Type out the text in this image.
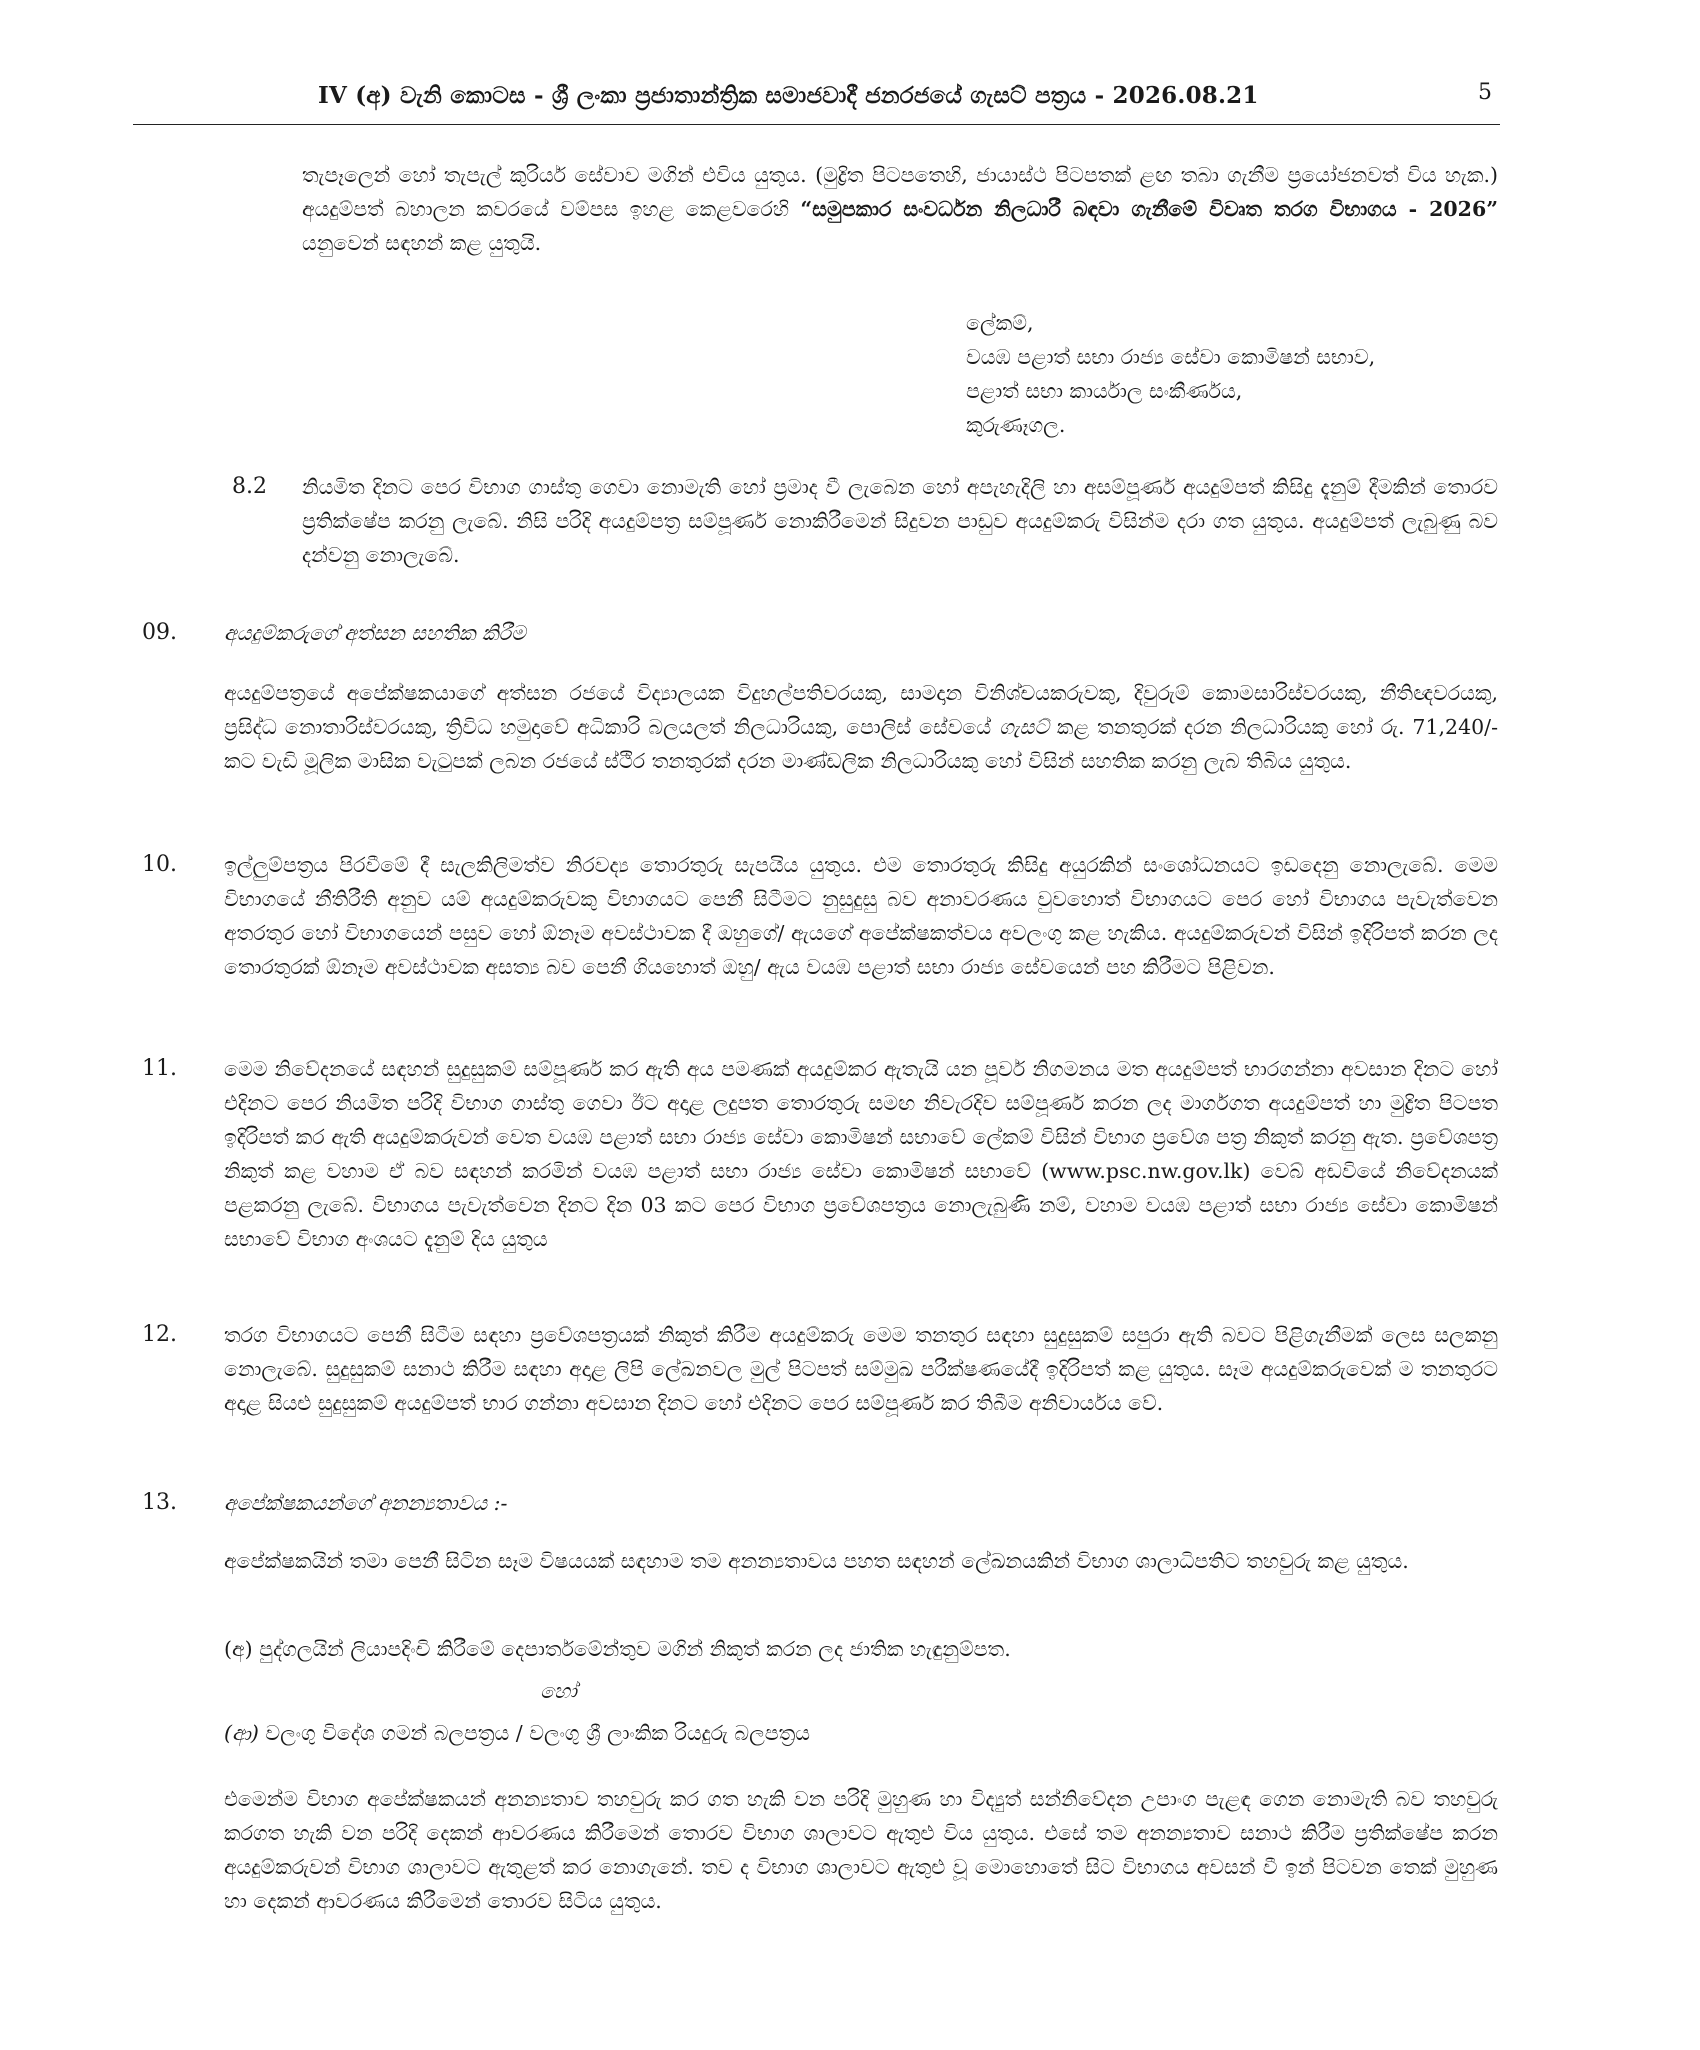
IV (අ) වැනි කොටස - ශ්‍රී ලංකා ප්‍රජාතාන්ත්‍රික සමාජවාදී ජනරජයේ ගැසට් පත්‍රය - 2026.08.21	5
තැපෑලෙන් හෝ තැපැල් කුරියර් සේවාව මගින් එවිය යුතුය. (මුද්‍රිත පිටපතෙහි, ජායාස්ථ පිටපතක් ළඟ තබා ගැනීම ප්‍රයෝජනවත් විය හැක.) අයදුම්පත් බහාලන කවරයේ වම්පස ඉහළ කෙළවරෙහි “සමුපකාර සංවර්ධන නිලධාරී බඳවා ගැනීමේ විවෘත තරග විභාගය - 2026” යනුවෙන් සඳහන් කළ යුතුයි.
ලේකම්,
වයඹ පළාත් සභා රාජ්‍ය සේවා කොමිෂන් සභාව,
පළාත් සභා කාර්යාල සංකීර්ණය,
කුරුණෑගල.
8.2 නියමිත දිනට පෙර විභාග ගාස්තු ගෙවා නොමැති හෝ ප්‍රමාද වී ලැබෙන හෝ අපැහැදිලි හා අසම්පූර්ණ අයදුම්පත් කිසිදු දැනුම් දීමකින් තොරව ප්‍රතික්ෂේප කරනු ලැබේ. නිසි පරිදි අයදුම්පත්‍ර සම්පූර්ණ නොකිරීමෙන් සිදුවන පාඩුව අයදුම්කරු විසින්ම දරා ගත යුතුය. අයදුම්පත් ලැබුණු බව දන්වනු නොලැබේ.
09. අයදුම්කරුගේ අත්සන සහතික කිරීම
අයදුම්පත්‍රයේ අපේක්ෂකයාගේ අත්සන රජයේ විද්‍යාලයක විදුහල්පතිවරයකු, සාමදාන විනිශ්චයකරුවකු, දිවුරුම් කොමසාරිස්වරයකු, නීතිඥවරයකු, ප්‍රසිද්ධ නොතාරිස්වරයකු, ත්‍රිවිධ හමුදාවේ අධිකාරි බලයලත් නිලධාරියකු, පොලිස් සේවයේ ගැසට් කළ තනතුරක් දරන නිලධාරියකු හෝ රු. 71,240/- කට වැඩි මූලික මාසික වැටුපක් ලබන රජයේ ස්ථිර තනතුරක් දරන මාණ්ඩලික නිලධාරියකු හෝ විසින් සහතික කරනු ලැබ තිබිය යුතුය.
10. ඉල්ලුම්පත්‍රය පිරවීමේ දී සැලකිලිමත්ව නිරවද්‍ය තොරතුරු සැපයිය යුතුය. එම තොරතුරු කිසිදු අයුරකින් සංශෝධනයට ඉඩදෙනු නොලැබේ. මෙම විභාගයේ නීතිරීති අනුව යම් අයදුම්කරුවකු විභාගයට පෙනී සිටීමට නුසුදුසු බව අනාවරණය වුවහොත් විභාගයට පෙර හෝ විභාගය පැවැත්වෙන අතරතුර හෝ විභාගයෙන් පසුව හෝ ඕනෑම අවස්ථාවක දී ඔහුගේ/ ඇයගේ අපේක්ෂකත්වය අවලංගු කළ හැකිය. අයදුම්කරුවන් විසින් ඉදිරිපත් කරන ලද තොරතුරක් ඕනෑම අවස්ථාවක අසත්‍ය බව පෙනී ගියහොත් ඔහු/ ඇය වයඹ පළාත් සභා රාජ්‍ය සේවයෙන් පහ කිරීමට පිළිවන.
11. මෙම නිවේදනයේ සඳහන් සුදුසුකම් සම්පූර්ණ කර ඇති අය පමණක් අයදුම්කර ඇතැයි යන පූර්ව නිගමනය මත අයදුම්පත් භාරගන්නා අවසාන දිනට හෝ එදිනට පෙර නියමිත පරිදි විභාග ගාස්තු ගෙවා ඊට අදාළ ලදුපත තොරතුරු සමඟ නිවැරදිව සම්පූර්ණ කරන ලද මාර්ගගත අයදුම්පත් හා මුද්‍රිත පිටපත ඉදිරිපත් කර ඇති අයදුම්කරුවන් වෙත වයඹ පළාත් සභා රාජ්‍ය සේවා කොමිෂන් සභාවේ ලේකම් විසින් විභාග ප්‍රවේශ පත්‍ර නිකුත් කරනු ඇත. ප්‍රවේශපත්‍ර නිකුත් කළ වහාම ඒ බව සඳහන් කරමින් වයඹ පළාත් සභා රාජ්‍ය සේවා කොමිෂන් සභාවේ (www.psc.nw.gov.lk) වෙබ් අඩවියේ නිවේදනයක් පළකරනු ලැබේ. විභාගය පැවැත්වෙන දිනට දින 03 කට පෙර විභාග ප්‍රවේශපත්‍රය නොලැබුණි නම්, වහාම වයඹ පළාත් සභා රාජ්‍ය සේවා කොමිෂන් සභාවේ විභාග අංශයට දැනුම් දිය යුතුය
12. තරග විභාගයට පෙනී සිටීම සඳහා ප්‍රවේශපත්‍රයක් නිකුත් කිරීම අයදුම්කරු මෙම තනතුර සඳහා සුදුසුකම් සපුරා ඇති බවට පිළිගැනීමක් ලෙස සලකනු නොලැබේ. සුදුසුකම් සනාථ කිරීම සඳහා අදාළ ලිපි ලේඛනවල මුල් පිටපත් සම්මුඛ පරීක්ෂණයේදී ඉදිරිපත් කළ යුතුය. සෑම අයදුම්කරුවෙක් ම තනතුරට අදාළ සියළු සුදුසුකම් අයදුම්පත් භාර ගන්නා අවසාන දිනට හෝ එදිනට පෙර සම්පූර්ණ කර තිබීම අනිවාර්යය වේ.
13. අපේක්ෂකයන්ගේ අනන්‍යතාවය :-
අපේක්ෂකයින් තමා පෙනී සිටින සෑම විෂයයක් සඳහාම තම අනන්‍යතාවය පහත සඳහන් ලේඛනයකින් විභාග ශාලාධිපතිට තහවුරු කළ යුතුය.
(අ) පුද්ගලයින් ලියාපදිංචි කිරීමේ දෙපාර්තමේන්තුව මගින් නිකුත් කරන ලද ජාතික හැඳුනුම්පත.
හෝ
(ආ) වලංගු විදේශ ගමන් බලපත්‍රය / වලංගු ශ්‍රී ලාංකික රියදුරු බලපත්‍රය
එමෙන්ම විභාග අපේක්ෂකයන් අනන්‍යතාව තහවුරු කර ගත හැකි වන පරිදි මුහුණ හා විද්‍යුත් සන්නිවේදන උපාංග පැළඳ ගෙන නොමැති බව තහවුරු කරගත හැකි වන පරිදි දෙකන් ආවරණය කිරීමෙන් තොරව විභාග ශාලාවට ඇතුළු විය යුතුය. එසේ තම අනන්‍යතාව සනාථ කිරීම ප්‍රතික්ෂේප කරන අයදුම්කරුවන් විභාග ශාලාවට ඇතුළත් කර නොගැනේ. තව ද විභාග ශාලාවට ඇතුළු වූ මොහොතේ සිට විභාගය අවසන් වී ඉන් පිටවන තෙක් මුහුණ හා දෙකන් ආවරණය කිරීමෙන් තොරව සිටිය යුතුය.
